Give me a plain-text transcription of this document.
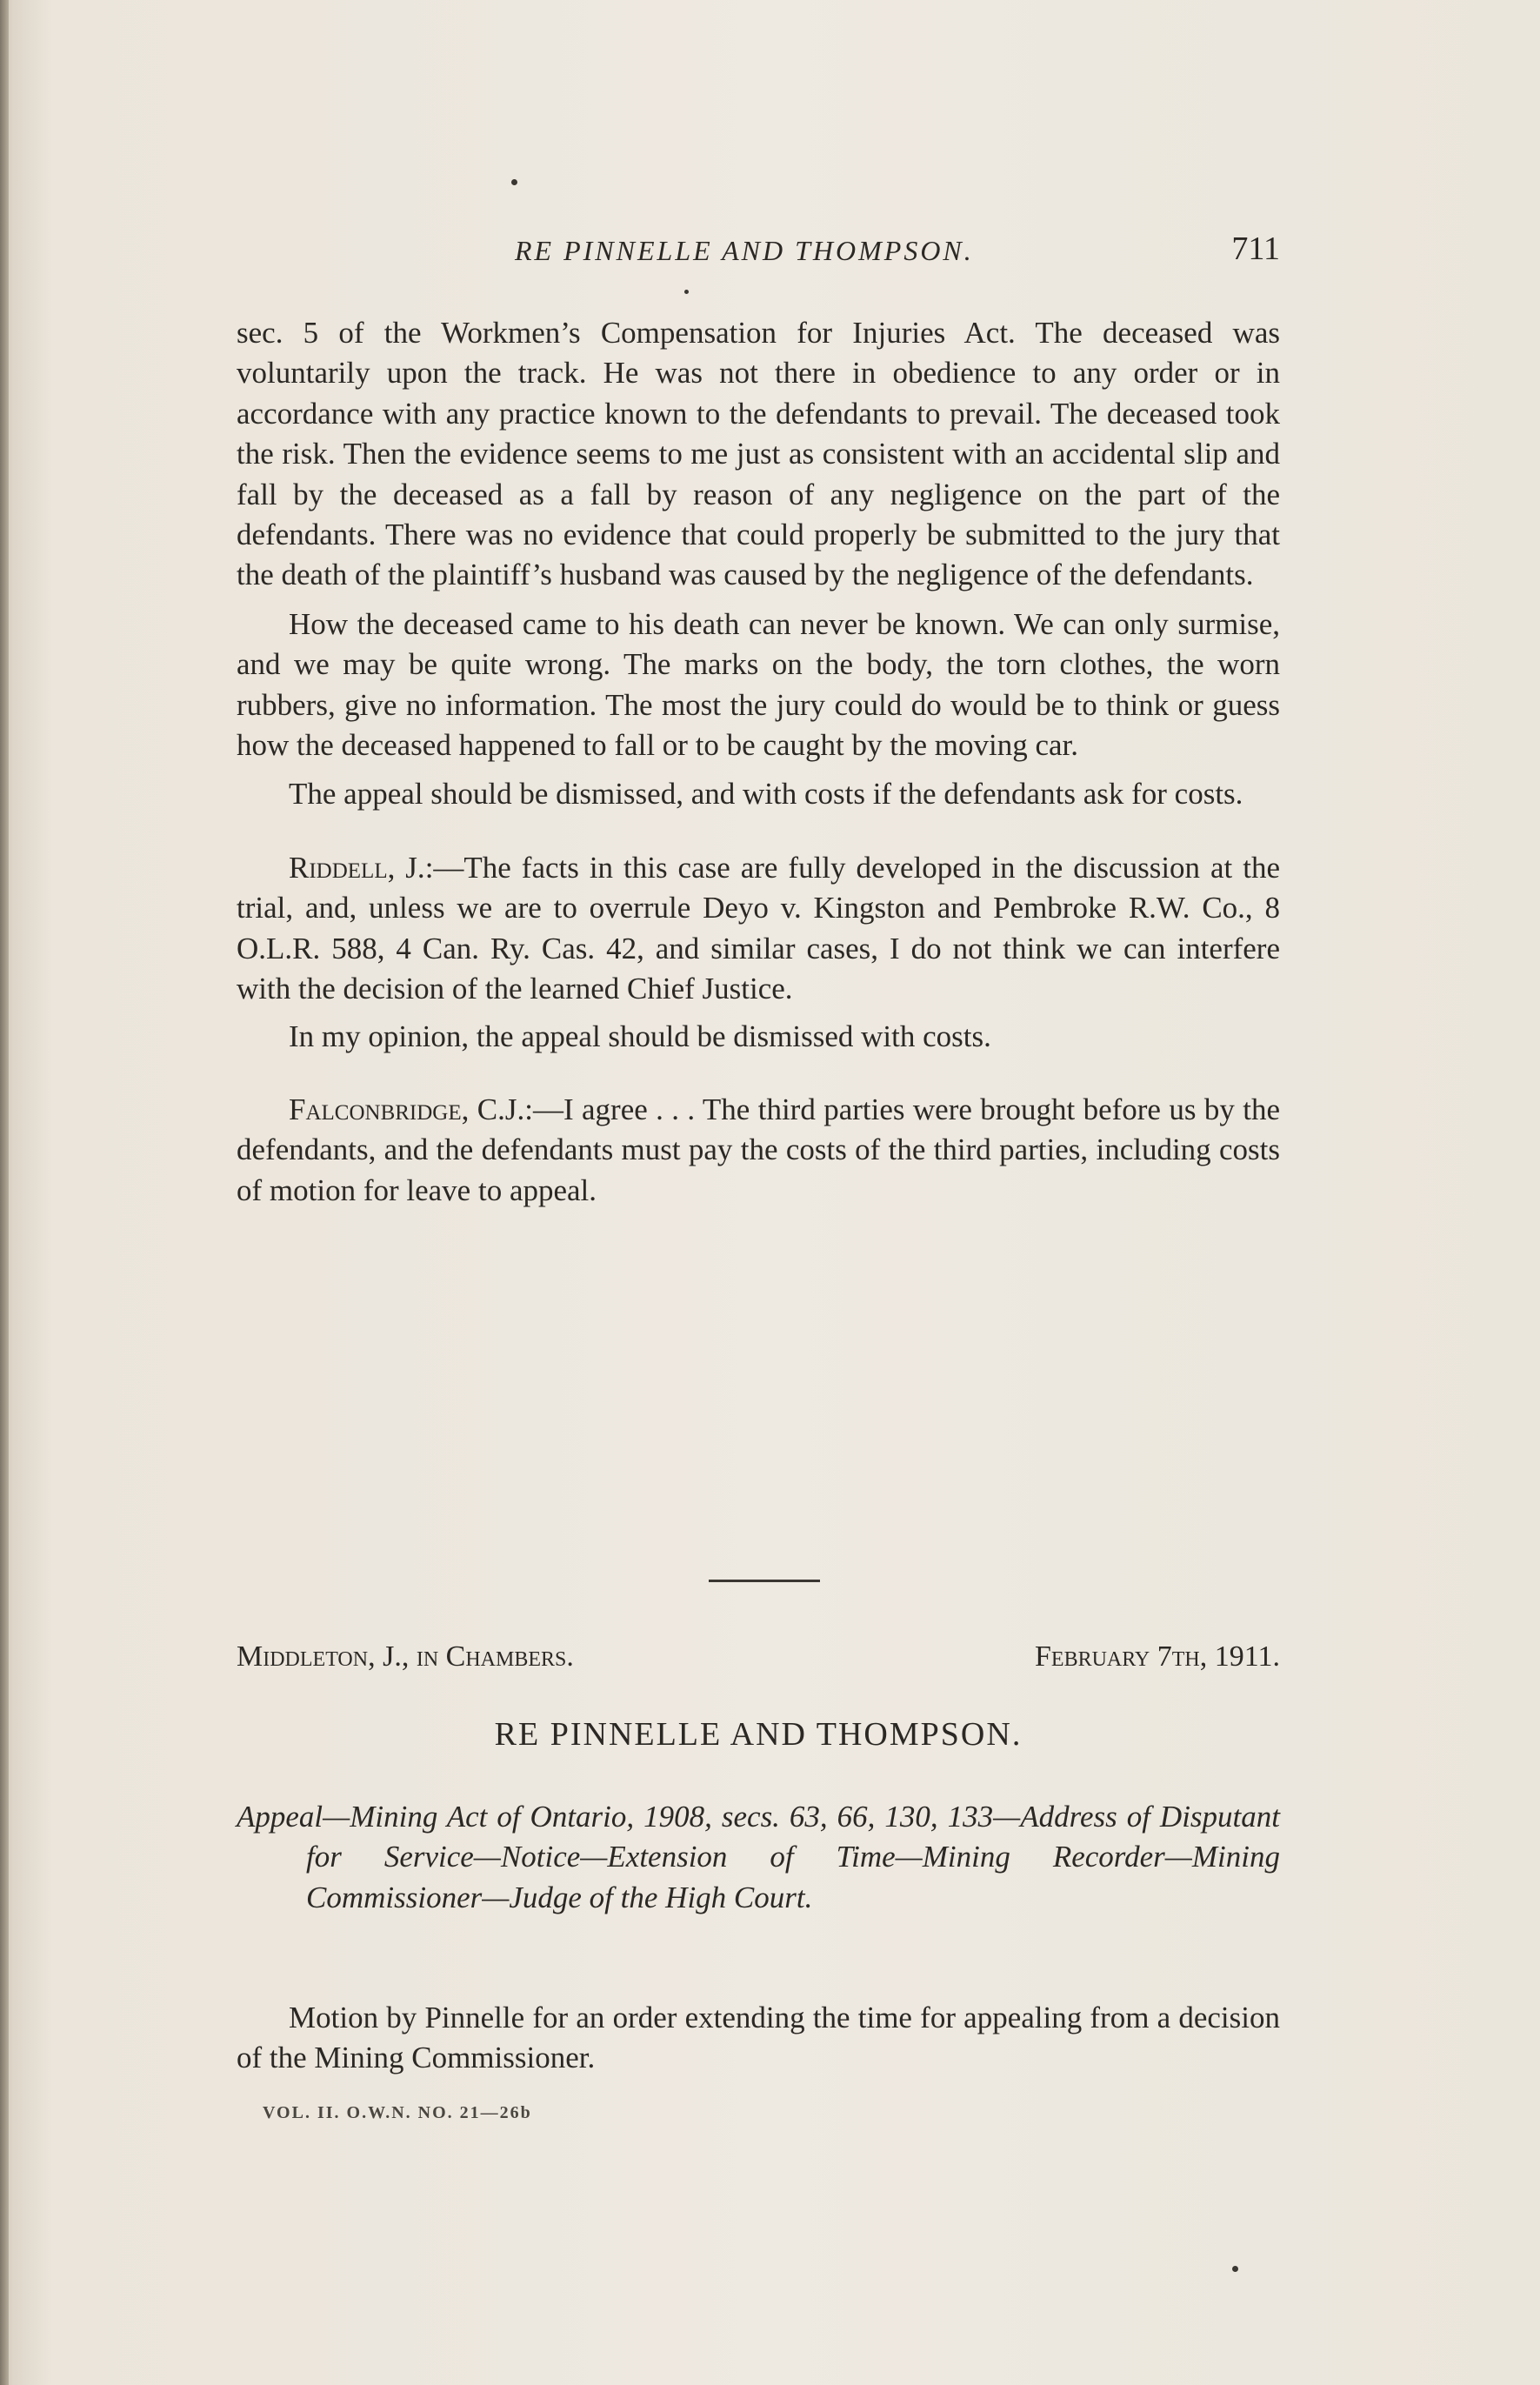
RE PINNELLE AND THOMPSON.	711

sec. 5 of the Workmen’s Compensation for Injuries Act. The deceased was voluntarily upon the track. He was not there in obedience to any order or in accordance with any practice known to the defendants to prevail. The deceased took the risk. Then the evidence seems to me just as consistent with an accidental slip and fall by the deceased as a fall by reason of any negligence on the part of the defendants. There was no evidence that could properly be submitted to the jury that the death of the plaintiff’s husband was caused by the negligence of the defendants.

How the deceased came to his death can never be known. We can only surmise, and we may be quite wrong. The marks on the body, the torn clothes, the worn rubbers, give no information. The most the jury could do would be to think or guess how the deceased happened to fall or to be caught by the moving car.

The appeal should be dismissed, and with costs if the defendants ask for costs.

Riddell, J.:—The facts in this case are fully developed in the discussion at the trial, and, unless we are to overrule Deyo v. Kingston and Pembroke R.W. Co., 8 O.L.R. 588, 4 Can. Ry. Cas. 42, and similar cases, I do not think we can interfere with the decision of the learned Chief Justice.

In my opinion, the appeal should be dismissed with costs.

Falconbridge, C.J.:—I agree . . . The third parties were brought before us by the defendants, and the defendants must pay the costs of the third parties, including costs of motion for leave to appeal.

Middleton, J., in Chambers.	February 7th, 1911.
RE PINNELLE AND THOMPSON.
Appeal—Mining Act of Ontario, 1908, secs. 63, 66, 130, 133—Address of Disputant for Service—Notice—Extension of Time—Mining Recorder—Mining Commissioner—Judge of the High Court.

Motion by Pinnelle for an order extending the time for appealing from a decision of the Mining Commissioner.

VOL. II. O.W.N. NO. 21—26b
